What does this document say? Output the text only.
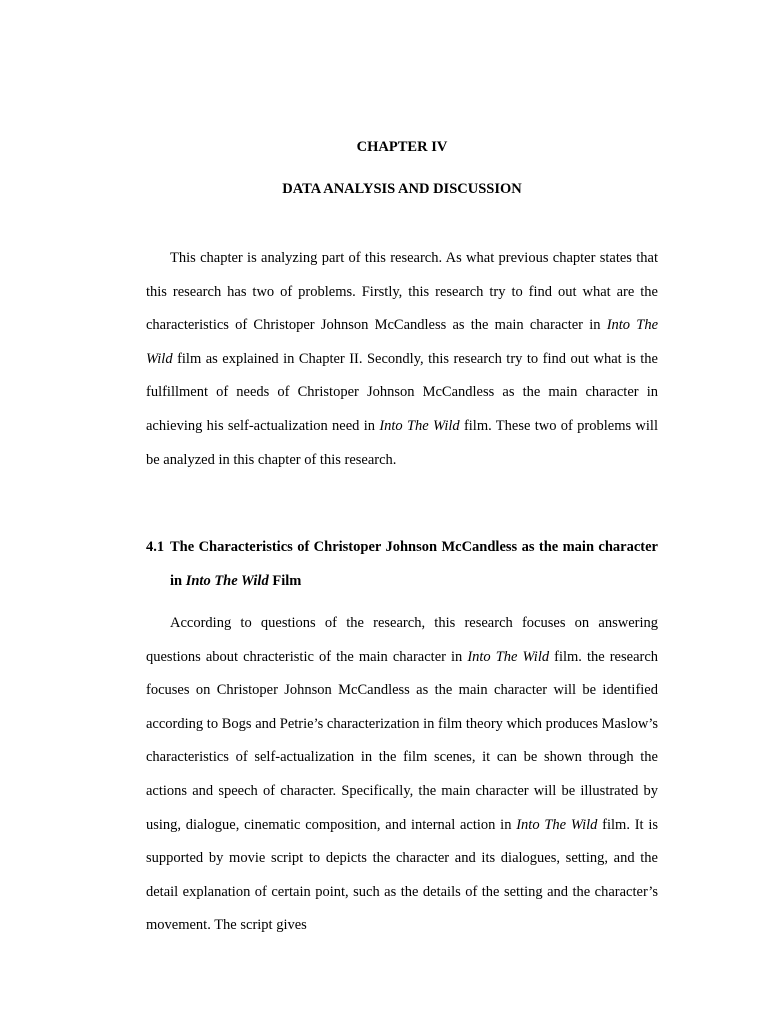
CHAPTER IV
DATA ANALYSIS AND DISCUSSION

This chapter is analyzing part of this research. As what previous chapter states that this research has two of problems. Firstly, this research try to find out what are the characteristics of Christoper Johnson McCandless as the main character in Into The Wild film as explained in Chapter II. Secondly, this research try to find out what is the fulfillment of needs of Christoper Johnson McCandless as the main character in achieving his self-actualization need in Into The Wild film. These two of problems will be analyzed in this chapter of this research.

4.1 The Characteristics of Christoper Johnson McCandless as the main character in Into The Wild Film

According to questions of the research, this research focuses on answering questions about chracteristic of the main character in Into The Wild film. the research focuses on Christoper Johnson McCandless as the main character will be identified according to Bogs and Petrie’s characterization in film theory which produces Maslow’s characteristics of self-actualization in the film scenes, it can be shown through the actions and speech of character. Specifically, the main character will be illustrated by using, dialogue, cinematic composition, and internal action in Into The Wild film. It is supported by movie script to depicts the character and its dialogues, setting, and the detail explanation of certain point, such as the details of the setting and the character’s movement. The script gives
